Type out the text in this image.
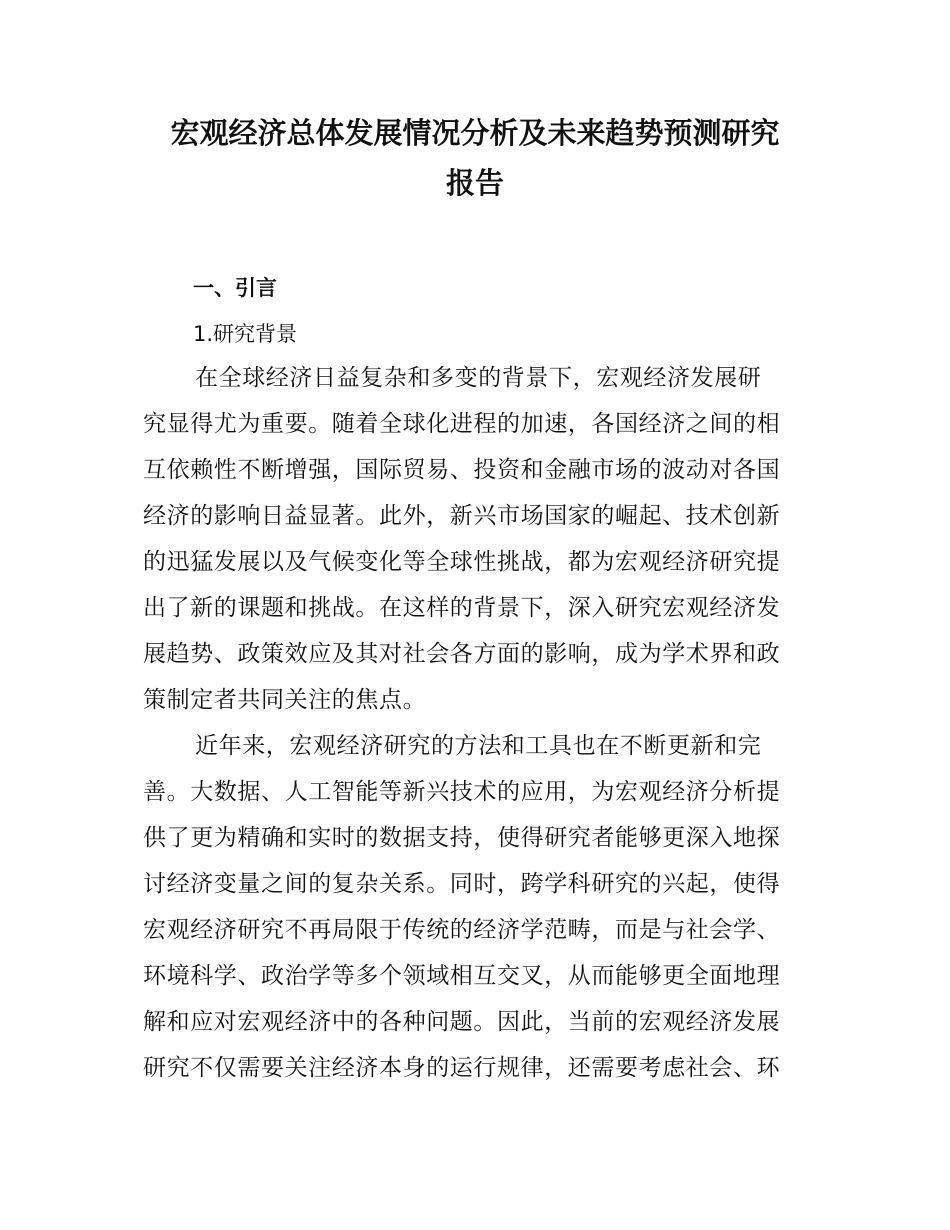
宏观经济总体发展情况分析及未来趋势预测研究
报告
一、引言
1.研究背景
在全球经济日益复杂和多变的背景下，宏观经济发展研
究显得尤为重要。随着全球化进程的加速，各国经济之间的相
互依赖性不断增强，国际贸易、投资和金融市场的波动对各国
经济的影响日益显著。此外，新兴市场国家的崛起、技术创新
的迅猛发展以及气候变化等全球性挑战，都为宏观经济研究提
出了新的课题和挑战。在这样的背景下，深入研究宏观经济发
展趋势、政策效应及其对社会各方面的影响，成为学术界和政
策制定者共同关注的焦点。
近年来，宏观经济研究的方法和工具也在不断更新和完
善。大数据、人工智能等新兴技术的应用，为宏观经济分析提
供了更为精确和实时的数据支持，使得研究者能够更深入地探
讨经济变量之间的复杂关系。同时，跨学科研究的兴起，使得
宏观经济研究不再局限于传统的经济学范畴，而是与社会学、
环境科学、政治学等多个领域相互交叉，从而能够更全面地理
解和应对宏观经济中的各种问题。因此，当前的宏观经济发展
研究不仅需要关注经济本身的运行规律，还需要考虑社会、环
